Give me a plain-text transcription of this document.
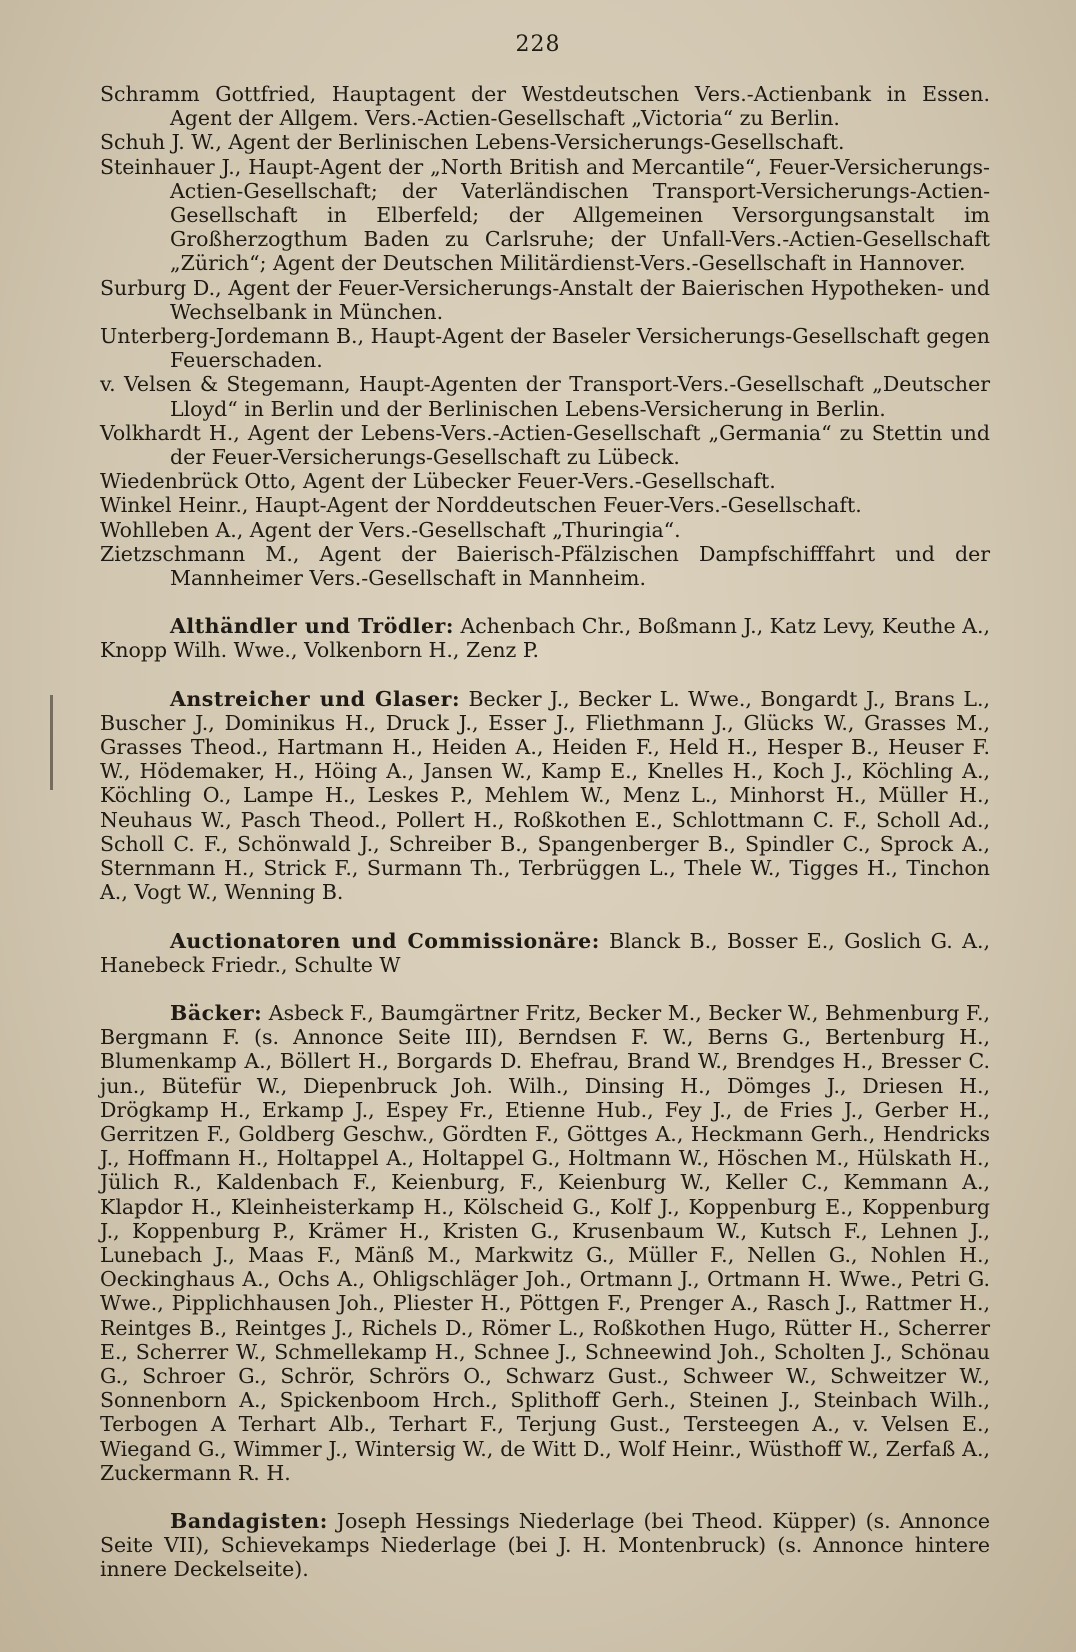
228

Schramm Gottfried, Hauptagent der Westdeutschen Vers.-Actienbank in Essen. Agent der Allgem. Vers.-Actien-Gesellschaft „Victoria“ zu Berlin.

Schuh J. W., Agent der Berlinischen Lebens-Versicherungs-Gesellschaft.

Steinhauer J., Haupt-Agent der „North British and Mercantile“, Feuer-Versicherungs-Actien-Gesellschaft; der Vaterländischen Transport-Versicherungs-Actien-Gesellschaft in Elberfeld; der Allgemeinen Versorgungsanstalt im Großherzogthum Baden zu Carlsruhe; der Unfall-Vers.-Actien-Gesellschaft „Zürich“; Agent der Deutschen Militärdienst-Vers.-Gesellschaft in Hannover.

Surburg D., Agent der Feuer-Versicherungs-Anstalt der Baierischen Hypotheken- und Wechselbank in München.

Unterberg-Jordemann B., Haupt-Agent der Baseler Versicherungs-Gesellschaft gegen Feuerschaden.

v. Velsen & Stegemann, Haupt-Agenten der Transport-Vers.-Gesellschaft „Deutscher Lloyd“ in Berlin und der Berlinischen Lebens-Versicherung in Berlin.

Volkhardt H., Agent der Lebens-Vers.-Actien-Gesellschaft „Germania“ zu Stettin und der Feuer-Versicherungs-Gesellschaft zu Lübeck.

Wiedenbrück Otto, Agent der Lübecker Feuer-Vers.-Gesellschaft.

Winkel Heinr., Haupt-Agent der Norddeutschen Feuer-Vers.-Gesellschaft.

Wohlleben A., Agent der Vers.-Gesellschaft „Thuringia“.

Zietzschmann M., Agent der Baierisch-Pfälzischen Dampfschifffahrt und der Mannheimer Vers.-Gesellschaft in Mannheim.

Althändler und Trödler: Achenbach Chr., Boßmann J., Katz Levy, Keuthe A., Knopp Wilh. Wwe., Volkenborn H., Zenz P.

Anstreicher und Glaser: Becker J., Becker L. Wwe., Bongardt J., Brans L., Buscher J., Dominikus H., Druck J., Esser J., Fliethmann J., Glücks W., Grasses M., Grasses Theod., Hartmann H., Heiden A., Heiden F., Held H., Hesper B., Heuser F. W., Hödemaker, H., Höing A., Jansen W., Kamp E., Knelles H., Koch J., Köchling A., Köchling O., Lampe H., Leskes P., Mehlem W., Menz L., Minhorst H., Müller H., Neuhaus W., Pasch Theod., Pollert H., Roßkothen E., Schlottmann C. F., Scholl Ad., Scholl C. F., Schönwald J., Schreiber B., Spangenberger B., Spindler C., Sprock A., Sternmann H., Strick F., Surmann Th., Terbrüggen L., Thele W., Tigges H., Tinchon A., Vogt W., Wenning B.

Auctionatoren und Commissionäre: Blanck B., Bosser E., Goslich G. A., Hanebeck Friedr., Schulte W

Bäcker: Asbeck F., Baumgärtner Fritz, Becker M., Becker W., Behmenburg F., Bergmann F. (s. Annonce Seite III), Berndsen F. W., Berns G., Bertenburg H., Blumenkamp A., Böllert H., Borgards D. Ehefrau, Brand W., Brendges H., Bresser C. jun., Bütefür W., Diepenbruck Joh. Wilh., Dinsing H., Dömges J., Driesen H., Drögkamp H., Erkamp J., Espey Fr., Etienne Hub., Fey J., de Fries J., Gerber H., Gerritzen F., Goldberg Geschw., Gördten F., Göttges A., Heckmann Gerh., Hendricks J., Hoffmann H., Holtappel A., Holtappel G., Holtmann W., Höschen M., Hülskath H., Jülich R., Kaldenbach F., Keienburg, F., Keienburg W., Keller C., Kemmann A., Klapdor H., Kleinheisterkamp H., Kölscheid G., Kolf J., Koppenburg E., Koppenburg J., Koppenburg P., Krämer H., Kristen G., Krusenbaum W., Kutsch F., Lehnen J., Lunebach J., Maas F., Mänß M., Markwitz G., Müller F., Nellen G., Nohlen H., Oeckinghaus A., Ochs A., Ohligschläger Joh., Ortmann J., Ortmann H. Wwe., Petri G. Wwe., Pipplichhausen Joh., Pliester H., Pöttgen F., Prenger A., Rasch J., Rattmer H., Reintges B., Reintges J., Richels D., Römer L., Roßkothen Hugo, Rütter H., Scherrer E., Scherrer W., Schmellekamp H., Schnee J., Schneewind Joh., Scholten J., Schönau G., Schroer G., Schrör, Schrörs O., Schwarz Gust., Schweer W., Schweitzer W., Sonnenborn A., Spickenboom Hrch., Splithoff Gerh., Steinen J., Steinbach Wilh., Terbogen A Terhart Alb., Terhart F., Terjung Gust., Tersteegen A., v. Velsen E., Wiegand G., Wimmer J., Wintersig W., de Witt D., Wolf Heinr., Wüsthoff W., Zerfaß A., Zuckermann R. H.

Bandagisten: Joseph Hessings Niederlage (bei Theod. Küpper) (s. Annonce Seite VII), Schievekamps Niederlage (bei J. H. Montenbruck) (s. Annonce hintere innere Deckelseite).
